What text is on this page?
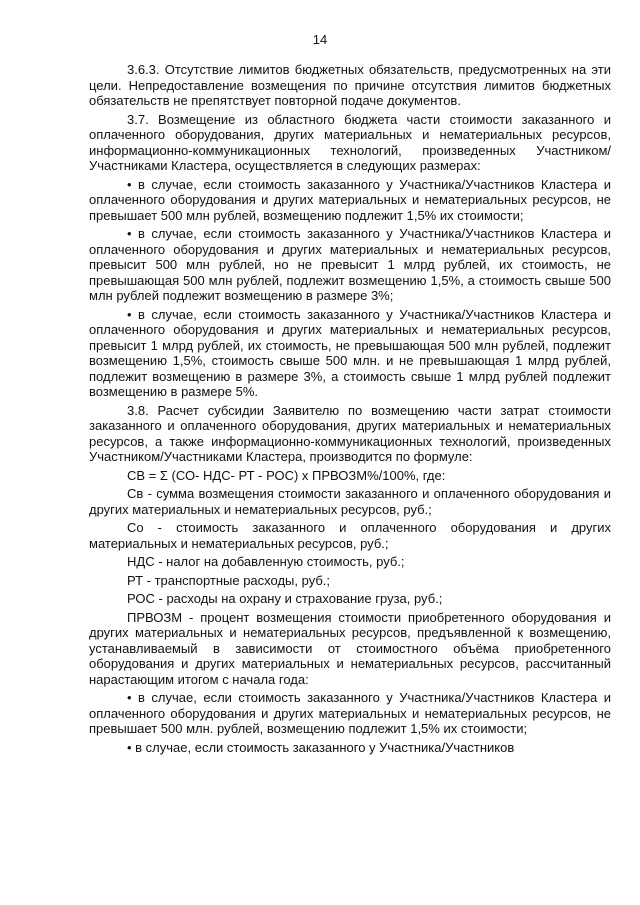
14

3.6.3. Отсутствие лимитов бюджетных обязательств, предусмотренных на эти цели. Непредоставление возмещения по причине отсутствия лимитов бюджетных обязательств не препятствует повторной подаче документов.

3.7. Возмещение из областного бюджета части стоимости заказанного и оплаченного оборудования, других материальных и нематериальных ресурсов, информационно-коммуникационных технологий, произведенных Участником/Участниками Кластера, осуществляется в следующих размерах:

• в случае, если стоимость заказанного у Участника/Участников Кластера и оплаченного оборудования и других материальных и нематериальных ресурсов, не превышает 500 млн рублей, возмещению подлежит 1,5% их стоимости;

• в случае, если стоимость заказанного у Участника/Участников Кластера и оплаченного оборудования и других материальных и нематериальных ресурсов, превысит 500 млн рублей, но не превысит 1 млрд рублей, их стоимость, не превышающая 500 млн рублей, подлежит возмещению 1,5%, а стоимость свыше 500 млн рублей подлежит возмещению в размере 3%;

• в случае, если стоимость заказанного у Участника/Участников Кластера и оплаченного оборудования и других материальных и нематериальных ресурсов, превысит 1 млрд рублей, их стоимость, не превышающая 500 млн рублей, подлежит возмещению 1,5%, стоимость свыше 500 млн. и не превышающая 1 млрд рублей, подлежит возмещению в размере 3%, а стоимость свыше 1 млрд рублей подлежит возмещению в размере 5%.

3.8. Расчет субсидии Заявителю по возмещению части затрат стоимости заказанного и оплаченного оборудования, других материальных и нематериальных ресурсов, а также информационно-коммуникационных технологий, произведенных Участником/Участниками Кластера, производится по формуле:

СВ = Σ (СО- НДС- РТ - РОС) х ПРВОЗМ%/100%, где:

Св - сумма возмещения стоимости заказанного и оплаченного оборудования и других материальных и нематериальных ресурсов, руб.;

Со - стоимость заказанного и оплаченного оборудования и других материальных и нематериальных ресурсов, руб.;

НДС - налог на добавленную стоимость, руб.;

РТ - транспортные расходы, руб.;

РОС - расходы на охрану и страхование груза, руб.;

ПРВОЗМ - процент возмещения стоимости приобретенного оборудования и других материальных и нематериальных ресурсов, предъявленной к возмещению, устанавливаемый в зависимости от стоимостного объёма приобретенного оборудования и других материальных и нематериальных ресурсов, рассчитанный нарастающим итогом с начала года:

• в случае, если стоимость заказанного у Участника/Участников Кластера и оплаченного оборудования и других материальных и нематериальных ресурсов, не превышает 500 млн. рублей, возмещению подлежит 1,5% их стоимости;

• в случае, если стоимость заказанного у Участника/Участников
